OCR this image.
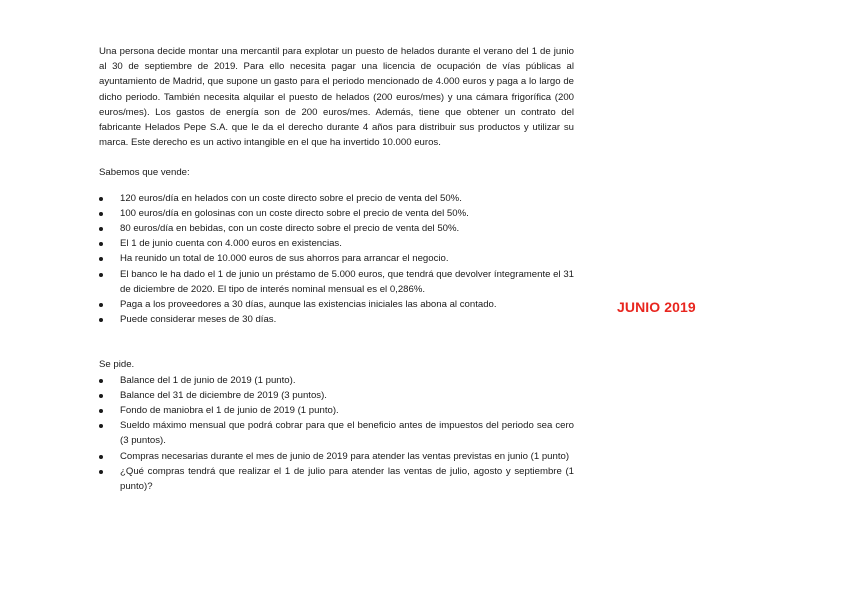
Una persona decide montar una mercantil para explotar un puesto de helados durante el verano del 1 de junio al 30 de septiembre de 2019. Para ello necesita pagar una licencia de ocupación de vías públicas al ayuntamiento de Madrid, que supone un gasto para el periodo mencionado de 4.000 euros y paga a lo largo de dicho periodo. También necesita alquilar el puesto de helados (200 euros/mes) y una cámara frigorífica (200 euros/mes). Los gastos de energía son de 200 euros/mes. Además, tiene que obtener un contrato del fabricante Helados Pepe S.A. que le da el derecho durante 4 años para distribuir sus productos y utilizar su marca. Este derecho es un activo intangible en el que ha invertido 10.000 euros.

Sabemos que vende:
120 euros/día en helados con un coste directo sobre el precio de venta del 50%.
100 euros/día en golosinas con un coste directo sobre el precio de venta del 50%.
80 euros/día en bebidas, con un coste directo sobre el precio de venta del 50%.
El 1 de junio cuenta con 4.000 euros en existencias.
Ha reunido un total de 10.000 euros de sus ahorros para arrancar el negocio.
El banco le ha dado el 1 de junio un préstamo de 5.000 euros, que tendrá que devolver íntegramente el 31 de diciembre de 2020. El tipo de interés nominal mensual es el 0,286%.
Paga a los proveedores a 30 días, aunque las existencias iniciales las abona al contado.
Puede considerar meses de 30 días.
Se pide.
Balance del 1 de junio de 2019 (1 punto).
Balance del 31 de diciembre de 2019 (3 puntos).
Fondo de maniobra el 1 de junio de 2019 (1 punto).
Sueldo máximo mensual que podrá cobrar para que el beneficio antes de impuestos del periodo sea cero (3 puntos).
Compras necesarias durante el mes de junio de 2019 para atender las ventas previstas en junio (1 punto)
¿Qué compras tendrá que realizar el 1 de julio para atender las ventas de julio, agosto y septiembre (1 punto)?
JUNIO 2019
